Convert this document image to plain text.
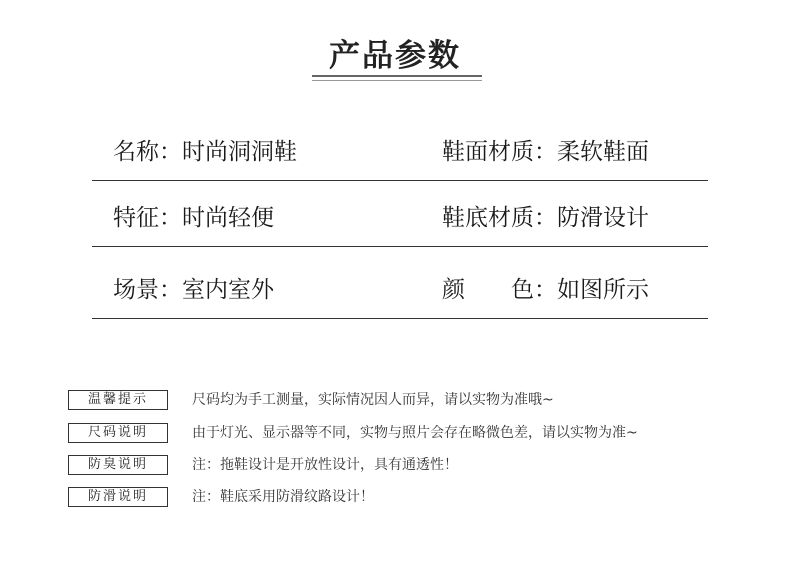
产品参数
名称：时尚洞洞鞋	鞋面材质：柔软鞋面
特征：时尚轻便	鞋底材质：防滑设计
场景：室内室外	颜　　色：如图所示
温馨提示	尺码均为手工测量，实际情况因人而异，请以实物为准哦~
尺码说明	由于灯光、显示器等不同，实物与照片会存在略微色差，请以实物为准~
防臭说明	注：拖鞋设计是开放性设计，具有通透性！
防滑说明	注：鞋底采用防滑纹路设计！
